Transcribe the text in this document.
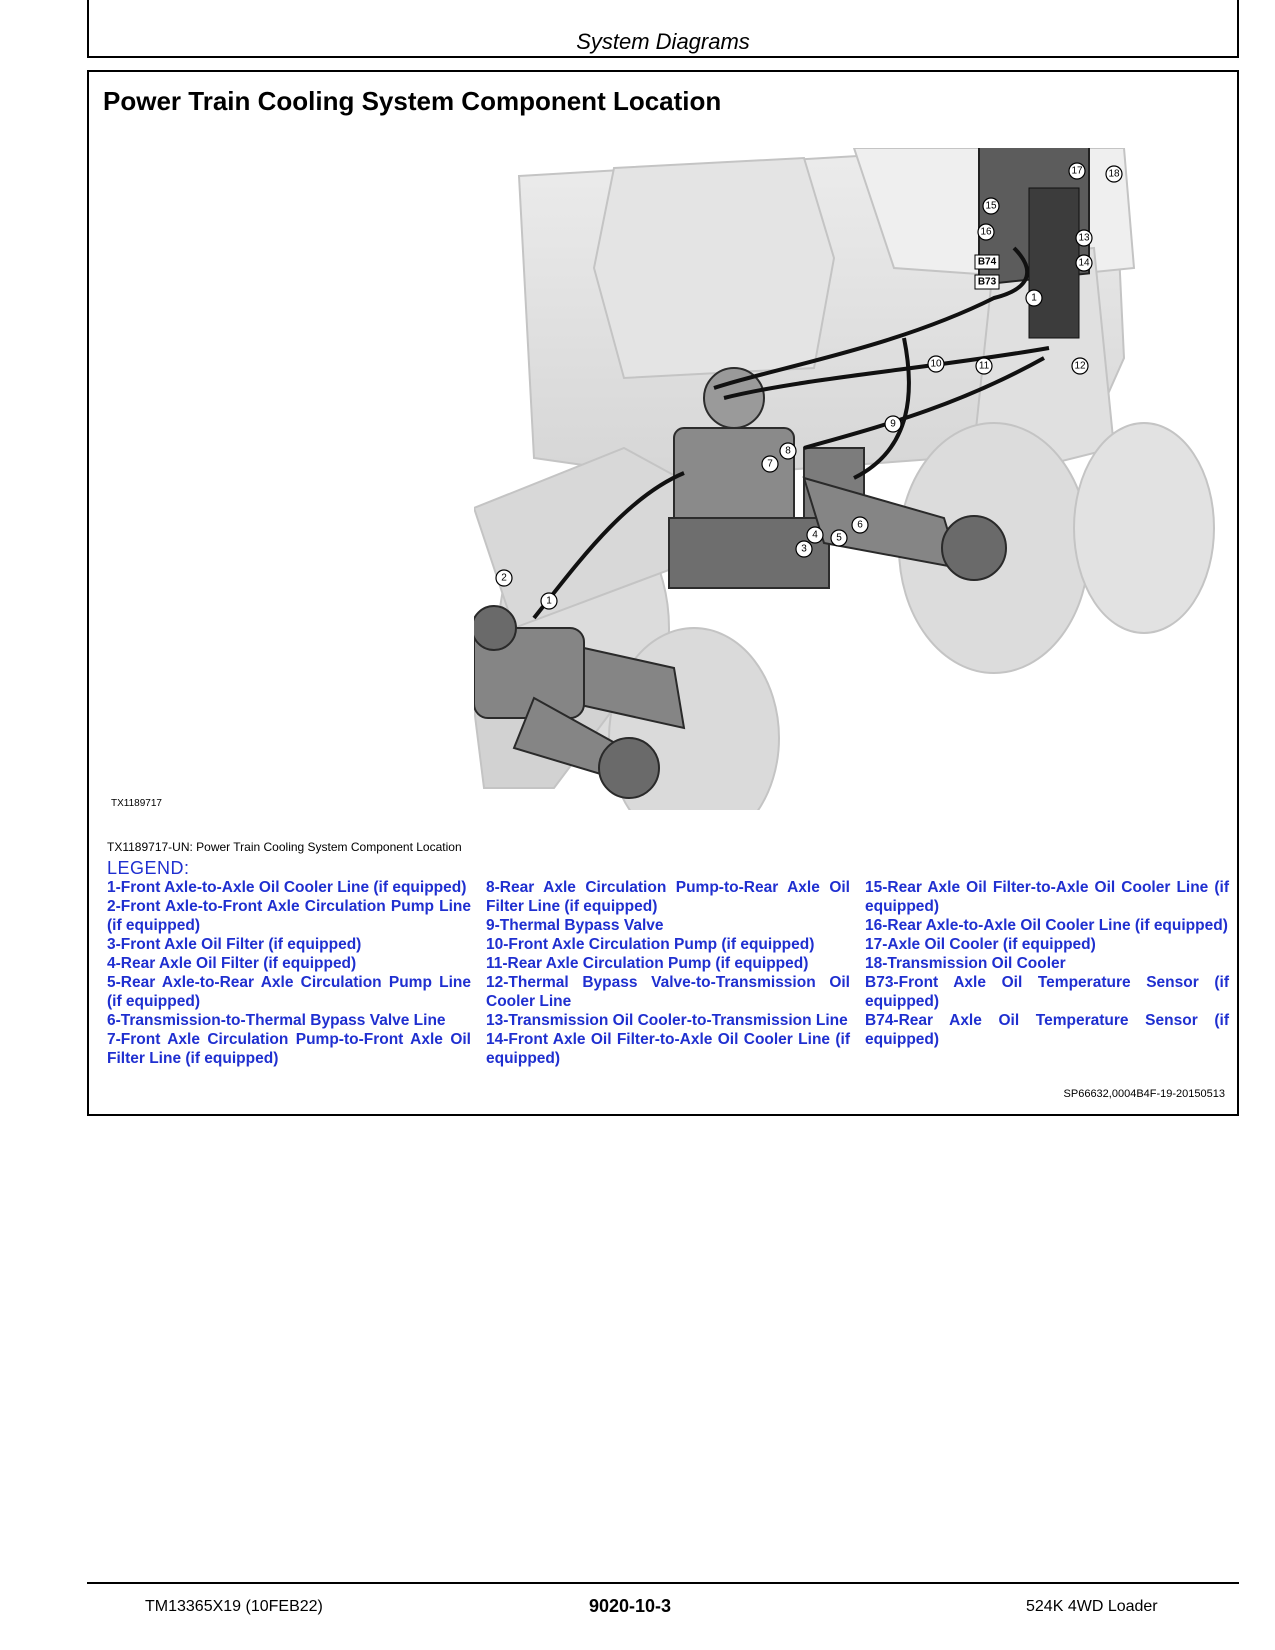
System Diagrams
Power Train Cooling System Component Location
1
2
3
4 5
6
7
8
9
10	11	12
13
14
15
16
17	18
1
B74
B73
TX1189717
TX1189717-UN: Power Train Cooling System Component Location
LEGEND:

1-Front Axle-to-Axle Oil Cooler Line (if equipped)

2-Front Axle-to-Front Axle Circulation Pump Line (if equipped)

3-Front Axle Oil Filter (if equipped)

4-Rear Axle Oil Filter (if equipped)

5-Rear Axle-to-Rear Axle Circulation Pump Line (if equipped)

6-Transmission-to-Thermal Bypass Valve Line

7-Front Axle Circulation Pump-to-Front Axle Oil Filter Line (if equipped)

8-Rear Axle Circulation Pump-to-Rear Axle Oil Filter Line (if equipped)

9-Thermal Bypass Valve

10-Front Axle Circulation Pump (if equipped)

11-Rear Axle Circulation Pump (if equipped)

12-Thermal Bypass Valve-to-Transmission Oil Cooler Line

13-Transmission Oil Cooler-to-Transmission Line

14-Front Axle Oil Filter-to-Axle Oil Cooler Line (if equipped)

15-Rear Axle Oil Filter-to-Axle Oil Cooler Line (if equipped)

16-Rear Axle-to-Axle Oil Cooler Line (if equipped)

17-Axle Oil Cooler (if equipped)

18-Transmission Oil Cooler

B73-Front Axle Oil Temperature Sensor (if equipped)

B74-Rear Axle Oil Temperature Sensor (if equipped)

SP66632,0004B4F-19-20150513
TM13365X19 (10FEB22)	9020-10-3	524K 4WD Loader
